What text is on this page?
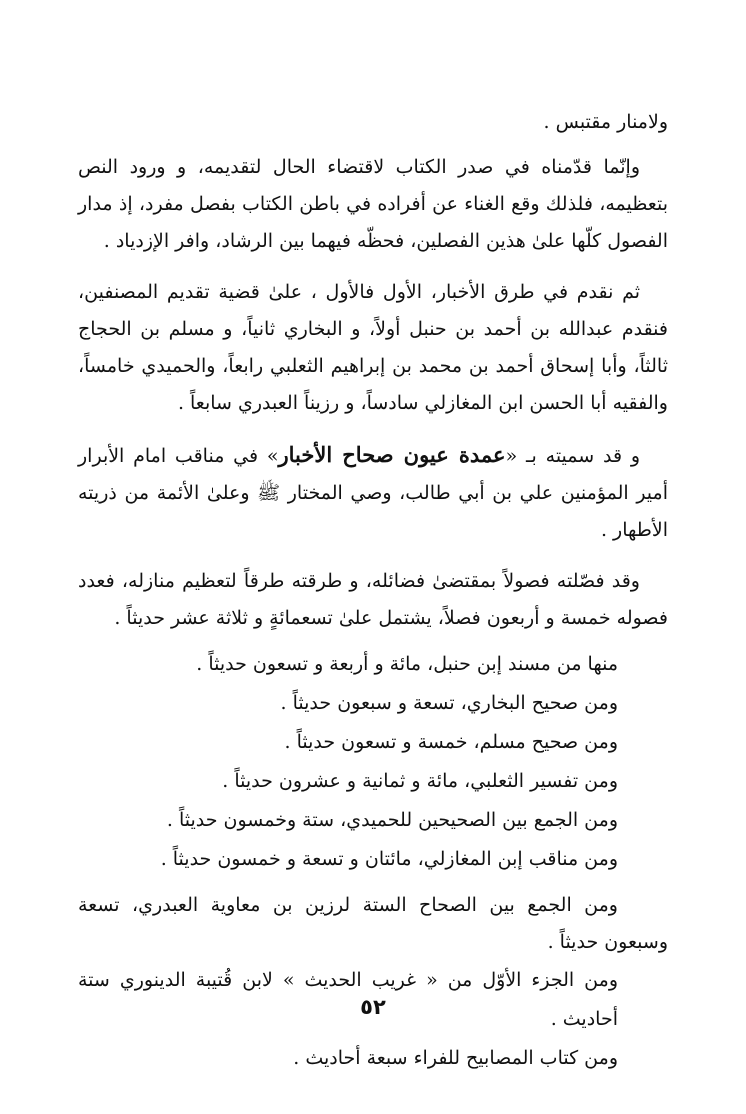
ولامنار مقتبس .

وإنّما قدّمناه في صدر الكتاب لاقتضاء الحال لتقديمه، و ورود النص بتعظيمه، فلذلك وقع الغناء عن أفراده في باطن الكتاب بفصل مفرد، إذ مدار الفصول كلّها علىٰ هذين الفصلين، فحظّه فيهما بين الرشاد، وافر الإزدياد .

ثم نقدم في طرق الأخبار، الأول فالأول ، علىٰ قضية تقديم المصنفين، فنقدم عبدالله بن أحمد بن حنبل أولاً، و البخاري ثانياً، و مسلم بن الحجاج ثالثاً، وأبا إسحاق أحمد بن محمد بن إبراهيم الثعلبي رابعاً، والحميدي خامساً، والفقيه أبا الحسن ابن المغازلي سادساً، و رزيناً العبدري سابعاً .

و قد سميته بـ «عمدة عيون صحاح الأخبار» في مناقب امام الأبرار أمير المؤمنين علي بن أبي طالب، وصي المختار ﷺ وعلىٰ الأئمة من ذريته الأطهار .

وقد فصّلته فصولاً بمقتضىٰ فضائله، و طرقته طرقاً لتعظيم منازله، فعدد فصوله خمسة و أربعون فصلاً، يشتمل علىٰ تسعمائةٍ و ثلاثة عشر حديثاً .

منها من مسند إبن حنبل، مائة و أربعة و تسعون حديثاً .

ومن صحيح البخاري، تسعة و سبعون حديثاً .

ومن صحيح مسلم، خمسة و تسعون حديثاً .

ومن تفسير الثعلبي، مائة و ثمانية و عشرون حديثاً .

ومن الجمع بين الصحيحين للحميدي، ستة وخمسون حديثاً .

ومن مناقب إبن المغازلي، مائتان و تسعة و خمسون حديثاً .

ومن الجمع بين الصحاح الستة لرزين بن معاوية العبدري، تسعة وسبعون حديثاً .

ومن الجزء الأوّل من « غريب الحديث » لابن قُتيبة الدينوري ستة أحاديث .

ومن كتاب المصابيح للفراء سبعة أحاديث .

٥٢
